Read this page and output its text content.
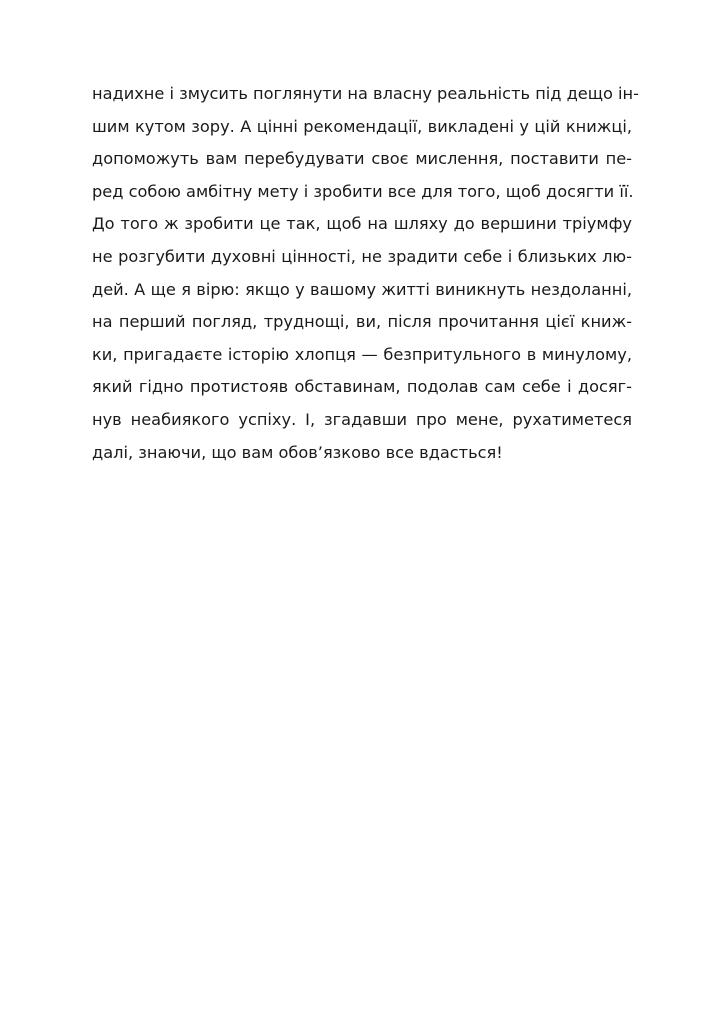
надихне і змусить поглянути на власну реальність під дещо ін-
шим кутом зору. А цінні рекомендації, викладені у цій книжці,
допоможуть вам перебудувати своє мислення, поставити пе-
ред собою амбітну мету і зробити все для того, щоб досягти її.
До того ж зробити це так, щоб на шляху до вершини тріумфу
не розгубити духовні цінності, не зрадити себе і близьких лю-
дей. А ще я вірю: якщо у вашому житті виникнуть нездоланні,
на перший погляд, труднощі, ви, після прочитання цієї книж-
ки, пригадаєте історію хлопця — безпритульного в минулому,
який гідно протистояв обставинам, подолав сам себе і досяг-
нув неабиякого успіху. І, згадавши про мене, рухатиметеся
далі, знаючи, що вам обов’язково все вдасться!
